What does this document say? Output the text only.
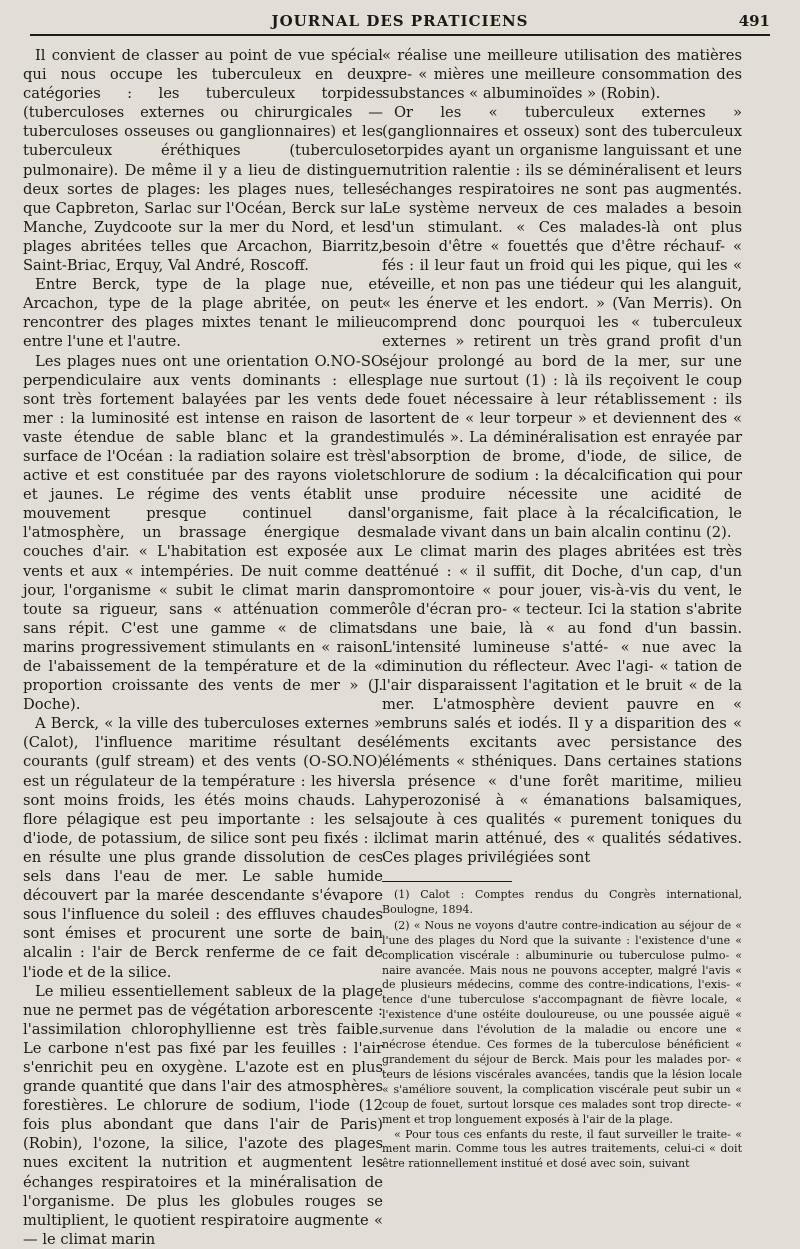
JOURNAL DES PRATICIENS	491

Il convient de classer au point de vue spécial qui nous occupe les tuberculeux en deux catégories : les tuberculeux torpides (tuberculoses externes ou chirurgicales — tuberculoses osseuses ou ganglionnaires) et les tuberculeux éréthiques (tuberculose pulmonaire). De même il y a lieu de distinguer deux sortes de plages: les plages nues, telles que Capbreton, Sarlac sur l'Océan, Berck sur la Manche, Zuydcoote sur la mer du Nord, et les plages abritées telles que Arcachon, Biarritz, Saint-Briac, Erquy, Val André, Roscoff.

Entre Berck, type de la plage nue, et Arcachon, type de la plage abritée, on peut rencontrer des plages mixtes tenant le milieu entre l'une et l'autre.

Les plages nues ont une orientation O.NO-SO perpendiculaire aux vents dominants : elles sont très fortement balayées par les vents de mer : la luminosité est intense en raison de la vaste étendue de sable blanc et la grande surface de l'Océan : la radiation solaire est très active et est constituée par des rayons violets et jaunes. Le régime des vents établit un mouvement presque continuel dans l'atmosphère, un brassage énergique des couches d'air. « L'habitation est exposée aux vents et aux « intempéries. De nuit comme de jour, l'organisme « subit le climat marin dans toute sa rigueur, sans « atténuation comme sans répit. C'est une gamme « de climats marins progressivement stimulants en « raison de l'abaissement de la température et de la « proportion croissante des vents de mer » (J. Doche).

A Berck, « la ville des tuberculoses externes » (Calot), l'influence maritime résultant des courants (gulf stream) et des vents (O-SO.NO) est un régulateur de la température : les hivers sont moins froids, les étés moins chauds. La flore pélagique est peu importante : les sels d'iode, de potassium, de silice sont peu fixés : il en résulte une plus grande dissolution de ces sels dans l'eau de mer. Le sable humide découvert par la marée descendante s'évapore sous l'influence du soleil : des effluves chaudes sont émises et procurent une sorte de bain alcalin : l'air de Berck renferme de ce fait de l'iode et de la silice.

Le milieu essentiellement sableux de la plage nue ne permet pas de végétation arborescente : l'assimilation chlorophyllienne est très faible. Le carbone n'est pas fixé par les feuilles : l'air s'enrichit peu en oxygène. L'azote est en plus grande quantité que dans l'air des atmosphères forestières. Le chlorure de sodium, l'iode (12 fois plus abondant que dans l'air de Paris) (Robin), l'ozone, la silice, l'azote des plages nues excitent la nutrition et augmentent les échanges respiratoires et la minéralisation de l'organisme. De plus les globules rouges se multiplient, le quotient respiratoire augmente « — le climat marin

« réalise une meilleure utilisation des matières pre- « mières une meilleure consommation des substances « albuminoïdes » (Robin).

Or les « tuberculeux externes » (ganglionnaires et osseux) sont des tuberculeux torpides ayant un organisme languissant et une nutrition ralentie : ils se déminéralisent et leurs échanges respiratoires ne sont pas augmentés. Le système nerveux de ces malades a besoin d'un stimulant. « Ces malades-là ont plus besoin d'être « fouettés que d'être réchauf- « fés : il leur faut un froid qui les pique, qui les « éveille, et non pas une tiédeur qui les alanguit, « les énerve et les endort. » (Van Merris). On comprend donc pourquoi les « tuberculeux externes » retirent un très grand profit d'un séjour prolongé au bord de la mer, sur une plage nue surtout (1) : là ils reçoivent le coup de fouet nécessaire à leur rétablissement : ils sortent de « leur torpeur » et deviennent des « stimulés ». La déminéralisation est enrayée par l'absorption de brome, d'iode, de silice, de chlorure de sodium : la décalcification qui pour se produire nécessite une acidité de l'organisme, fait place à la récalcification, le malade vivant dans un bain alcalin continu (2).

Le climat marin des plages abritées est très atténué : « il suffit, dit Doche, d'un cap, d'un promontoire « pour jouer, vis-à-vis du vent, le rôle d'écran pro- « tecteur. Ici la station s'abrite dans une baie, là « au fond d'un bassin. L'intensité lumineuse s'atté- « nue avec la diminution du réflecteur. Avec l'agi- « tation de l'air disparaissent l'agitation et le bruit « de la mer. L'atmosphère devient pauvre en « embruns salés et iodés. Il y a disparition des « éléments excitants avec persistance des éléments « sthéniques. Dans certaines stations la présence « d'une forêt maritime, milieu hyperozonisé à « émanations balsamiques, ajoute à ces qualités « purement toniques du climat marin atténué, des « qualités sédatives. Ces plages privilégiées sont

(1) Calot : Comptes rendus du Congrès international, Boulogne, 1894.

(2) « Nous ne voyons d'autre contre-indication au séjour de « l'une des plages du Nord que la suivante : l'existence d'une « complication viscérale : albuminurie ou tuberculose pulmo- « naire avancée. Mais nous ne pouvons accepter, malgré l'avis « de plusieurs médecins, comme des contre-indications, l'exis- « tence d'une tuberculose s'accompagnant de fièvre locale, « l'existence d'une ostéite douloureuse, ou une poussée aiguë « survenue dans l'évolution de la maladie ou encore une « nécrose étendue. Ces formes de la tuberculose bénéficient « grandement du séjour de Berck. Mais pour les malades por- « teurs de lésions viscérales avancées, tandis que la lésion locale « s'améliore souvent, la complication viscérale peut subir un « coup de fouet, surtout lorsque ces malades sont trop directe- « ment et trop longuement exposés à l'air de la plage.

« Pour tous ces enfants du reste, il faut surveiller le traite- « ment marin. Comme tous les autres traitements, celui-ci « doit être rationnellement institué et dosé avec soin, suivant
